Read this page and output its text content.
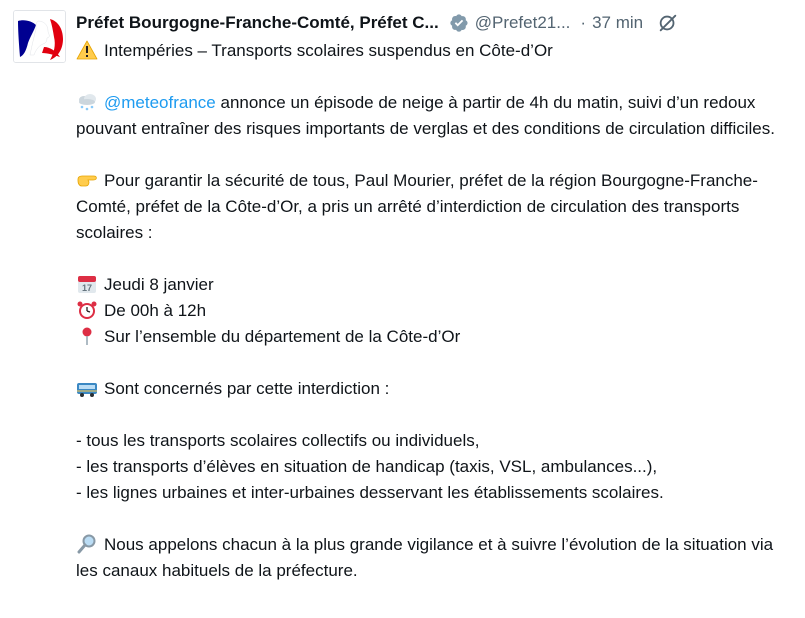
Préfet Bourgogne-Franche-Comté, Préfet C... @Prefet21... · 37 min
Intempéries – Transports scolaires suspendus en Côte-d’Or
@meteofrance annonce un épisode de neige à partir de 4h du matin, suivi d’un redoux pouvant entraîner des risques importants de verglas et des conditions de circulation difficiles.
Pour garantir la sécurité de tous, Paul Mourier, préfet de la région Bourgogne-Franche-Comté, préfet de la Côte-d’Or, a pris un arrêté d’interdiction de circulation des transports scolaires :
17 Jeudi 8 janvier
De 00h à 12h
Sur l’ensemble du département de la Côte-d’Or
Sont concernés par cette interdiction :
- tous les transports scolaires collectifs ou individuels,
- les transports d’élèves en situation de handicap (taxis, VSL, ambulances...),
- les lignes urbaines et inter-urbaines desservant les établissements scolaires.
Nous appelons chacun à la plus grande vigilance et à suivre l’évolution de la situation via les canaux habituels de la préfecture.
